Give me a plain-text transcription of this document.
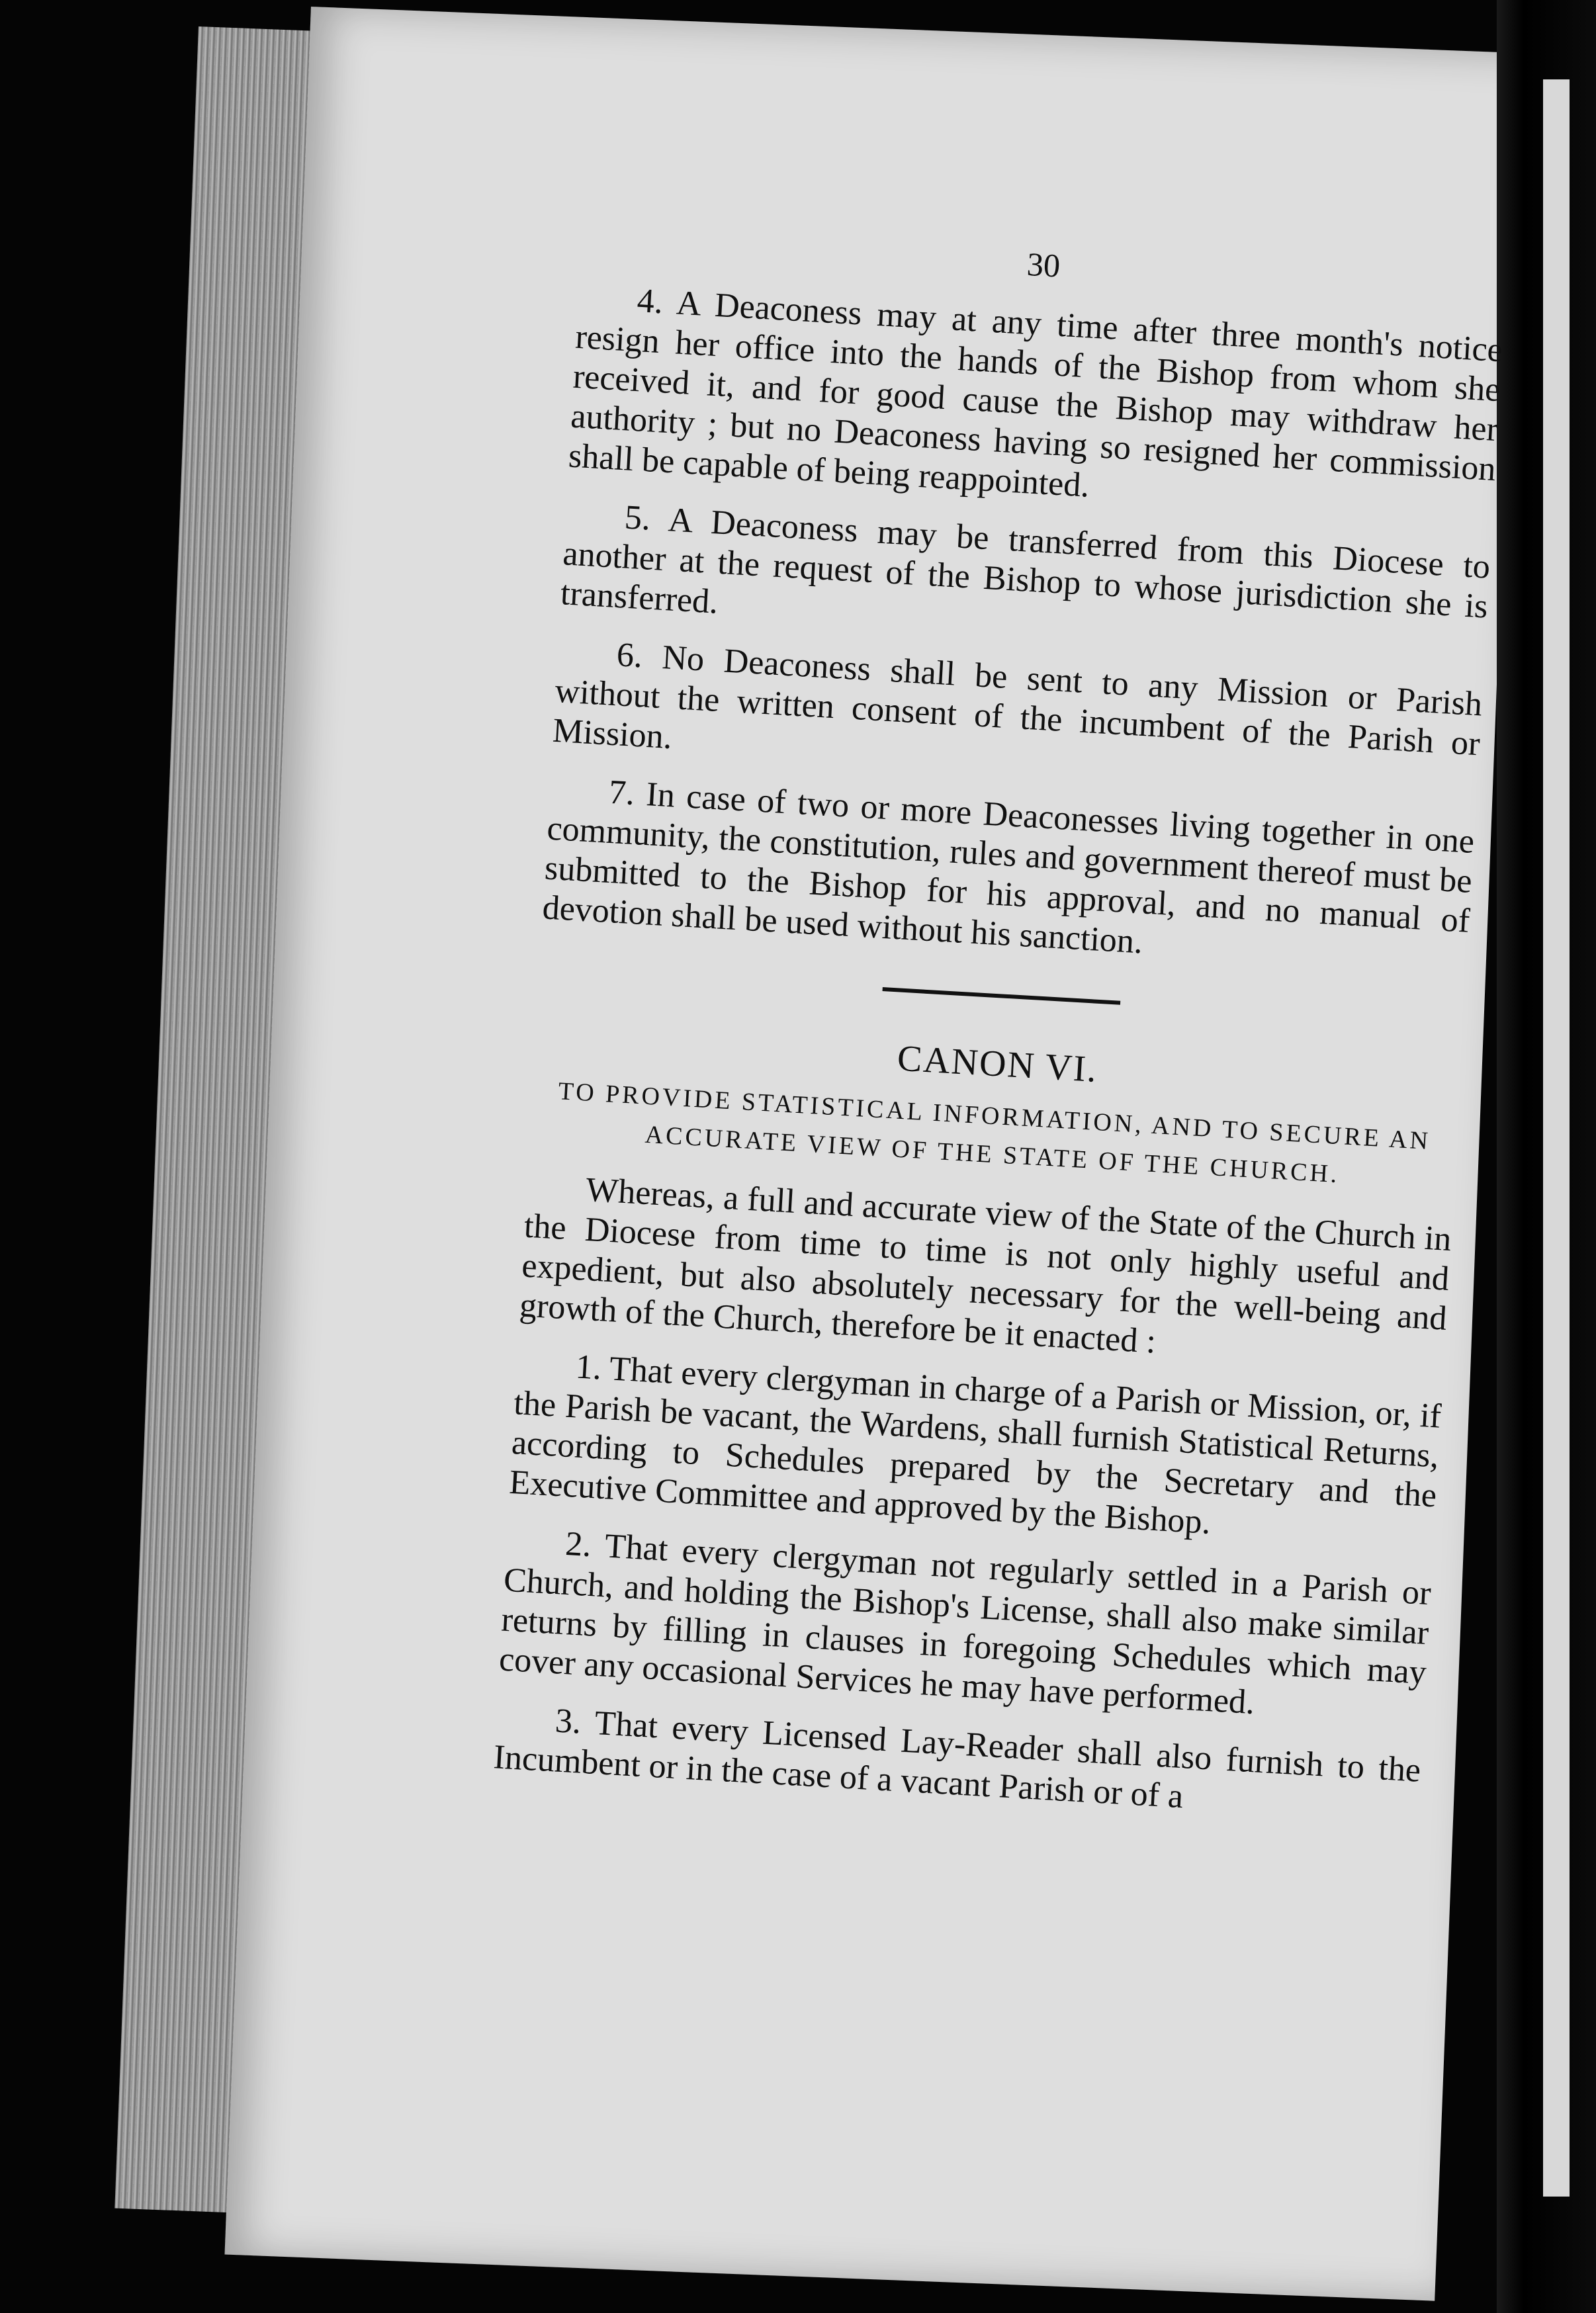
30

4. A Deaconess may at any time after three month's notice resign her office into the hands of the Bishop from whom she received it, and for good cause the Bishop may withdraw her authority ; but no Deaconess having so resigned her commission shall be capable of being reappointed.

5. A Deaconess may be transferred from this Diocese to another at the request of the Bishop to whose jurisdiction she is transferred.

6. No Deaconess shall be sent to any Mission or Parish without the written consent of the incumbent of the Parish or Mission.

7. In case of two or more Deaconesses living together in one community, the constitution, rules and government thereof must be submitted to the Bishop for his approval, and no manual of devotion shall be used without his sanction.

CANON VI.
TO PROVIDE STATISTICAL INFORMATION, AND TO SECURE AN ACCURATE VIEW OF THE STATE OF THE CHURCH.

Whereas, a full and accurate view of the State of the Church in the Diocese from time to time is not only highly useful and expedient, but also absolutely necessary for the well-being and growth of the Church, therefore be it enacted :

1. That every clergyman in charge of a Parish or Mission, or, if the Parish be vacant, the Wardens, shall furnish Statistical Returns, according to Schedules prepared by the Secretary and the Executive Committee and approved by the Bishop.

2. That every clergyman not regularly settled in a Parish or Church, and holding the Bishop's License, shall also make similar returns by filling in clauses in foregoing Schedules which may cover any occasional Services he may have performed.

3. That every Licensed Lay-Reader shall also furnish to the Incumbent or in the case of a vacant Parish or of a
